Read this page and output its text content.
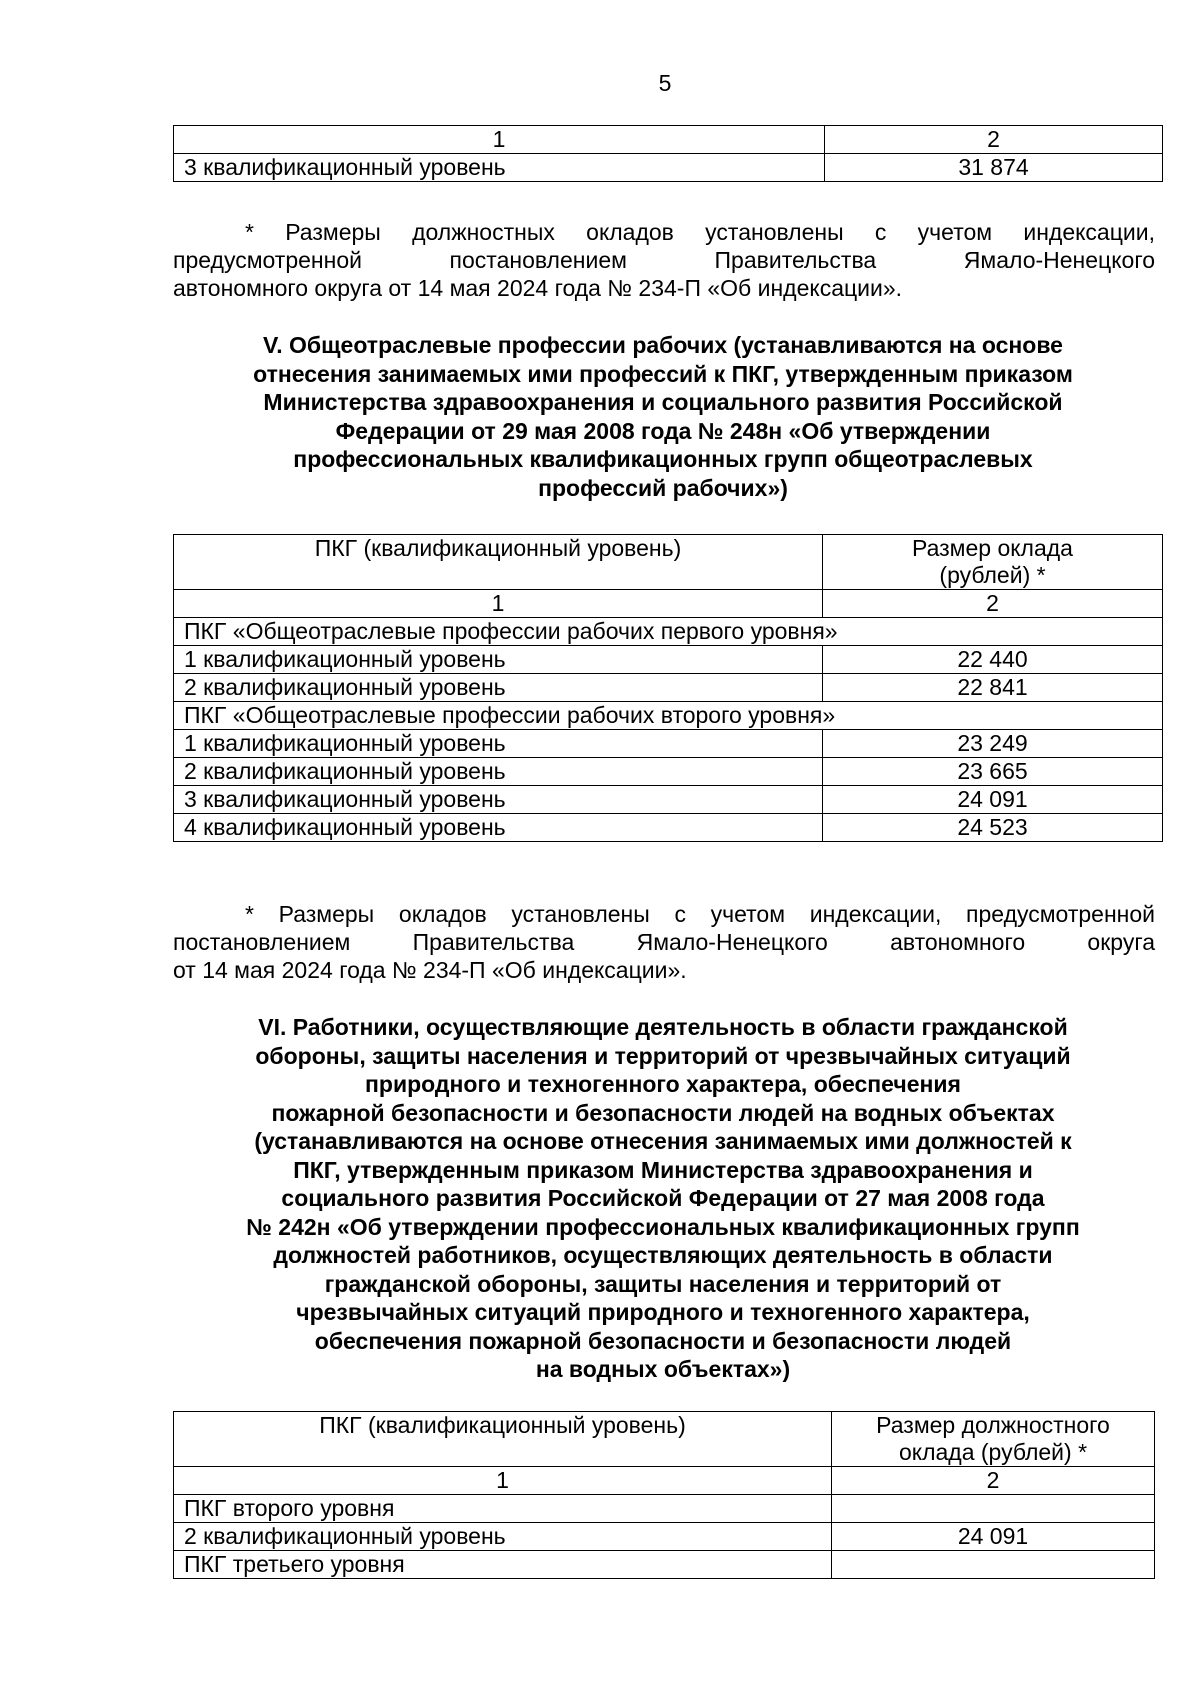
5
1	2
3 квалификационный уровень	31 874

* Размеры должностных окладов установлены с учетом индексации,
предусмотренной постановлением Правительства Ямало-Ненецкого
автономного округа от 14 мая 2024 года № 234-П «Об индексации».

V. Общеотраслевые профессии рабочих (устанавливаются на основе
отнесения занимаемых ими профессий к ПКГ, утвержденным приказом
Министерства здравоохранения и социального развития Российской
Федерации от 29 мая 2008 года № 248н «Об утверждении
профессиональных квалификационных групп общеотраслевых
профессий рабочих»)
ПКГ (квалификационный уровень)	Размер оклада
(рублей) *

1	2
ПКГ «Общеотраслевые профессии рабочих первого уровня»	
1 квалификационный уровень	22 440
2 квалификационный уровень	22 841
ПКГ «Общеотраслевые профессии рабочих второго уровня»	
1 квалификационный уровень	23 249
2 квалификационный уровень	23 665
3 квалификационный уровень	24 091
4 квалификационный уровень	24 523

* Размеры окладов установлены с учетом индексации, предусмотренной
постановлением Правительства Ямало-Ненецкого автономного округа
от 14 мая 2024 года № 234-П «Об индексации».

VI. Работники, осуществляющие деятельность в области гражданской
обороны, защиты населения и территорий от чрезвычайных ситуаций
природного и техногенного характера, обеспечения
пожарной безопасности и безопасности людей на водных объектах
(устанавливаются на основе отнесения занимаемых ими должностей к
ПКГ, утвержденным приказом Министерства здравоохранения и
социального развития Российской Федерации от 27 мая 2008 года
№ 242н «Об утверждении профессиональных квалификационных групп
должностей работников, осуществляющих деятельность в области
гражданской обороны, защиты населения и территорий от
чрезвычайных ситуаций природного и техногенного характера,
обеспечения пожарной безопасности и безопасности людей
на водных объектах»)
ПКГ (квалификационный уровень)	Размер должностного
оклада (рублей) *

1	2
ПКГ второго уровня	
2 квалификационный уровень	24 091
ПКГ третьего уровня	
